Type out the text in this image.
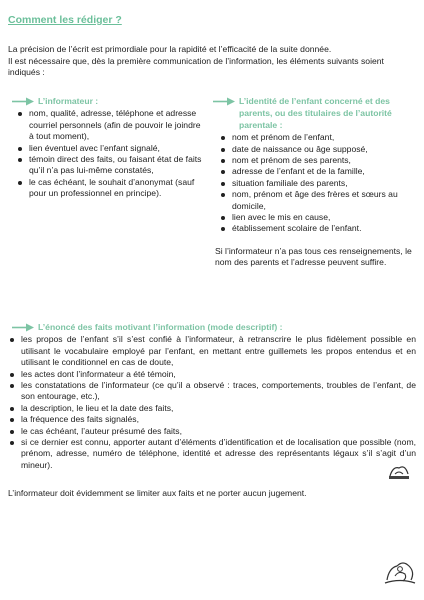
Comment les rédiger ?

La précision de l’écrit est primordiale pour la rapidité et l’efficacité de la suite donnée.

Il est nécessaire que, dès la première communication de l’information, les éléments suivants soient indiqués :

L’informateur :
nom, qualité, adresse, téléphone et adresse courriel personnels (afin de pouvoir le joindre à tout moment),
lien éventuel avec l’enfant signalé,
témoin direct des faits, ou faisant état de faits qu’il n’a pas lui-même constatés,
le cas échéant, le souhait d’anonymat (sauf pour un professionnel en principe).
L’identité de l’enfant concerné et des
parents, ou des titulaires de l’autorité parentale :
nom et prénom de l’enfant,
date de naissance ou âge supposé,
nom et prénom de ses parents,
adresse de l’enfant et de la famille,
situation familiale des parents,
nom, prénom et âge des frères et sœurs au domicile,
lien avec le mis en cause,
établissement scolaire de l’enfant.
Si l’informateur n’a pas tous ces renseignements, le nom des parents et l’adresse peuvent suffire.
L’énoncé des faits motivant l’information (mode descriptif) :
les propos de l’enfant s’il s’est confié à l’informateur, à retranscrire le plus fidèlement possible en utilisant le vocabulaire employé par l’enfant, en mettant entre guillemets les propos entendus et en utilisant le conditionnel en cas de doute,
les actes dont l’informateur a été témoin,
les constatations de l’informateur (ce qu’il a observé : traces, comportements, troubles de l’enfant, de son entourage, etc.),
la description, le lieu et la date des faits,
la fréquence des faits signalés,
le cas échéant, l’auteur présumé des faits,
si ce dernier est connu, apporter autant d’éléments d’identification et de localisation que possible (nom, prénom, adresse, numéro de téléphone, identité et adresse des représentants légaux s’il s’agit d’un mineur).
L’informateur doit évidemment se limiter aux faits et ne porter aucun jugement.
